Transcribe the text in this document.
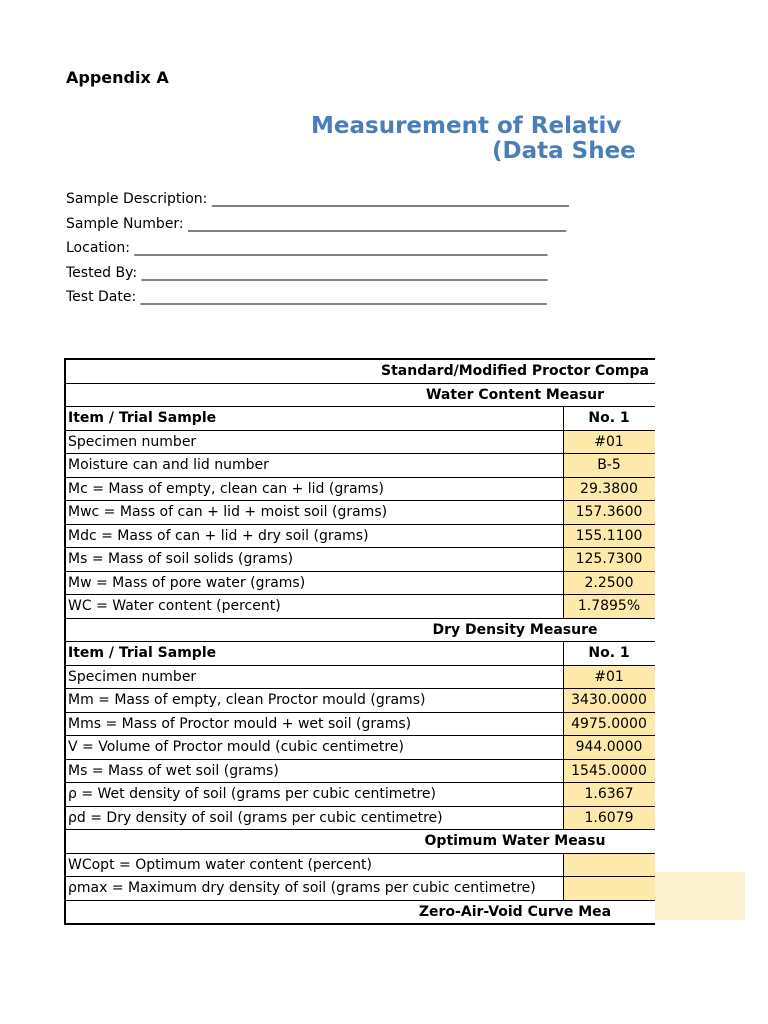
Appendix A
Measurement of Relativ
(Data Shee
Sample Description: ___________________________________________________
Sample Number: ______________________________________________________
Location: ___________________________________________________________
Tested By: __________________________________________________________
Test Date: __________________________________________________________
Standard/Modified Proctor Compa		
Water Content Measur		
Item / Trial Sample	No. 1	
Specimen number	#01	
Moisture can and lid number	B-5	
Mc = Mass of empty, clean can + lid (grams)	29.3800	
Mwc = Mass of can + lid + moist soil (grams)	157.3600	
Mdc = Mass of can + lid + dry soil (grams)	155.1100	
Ms = Mass of soil solids (grams)	125.7300	
Mw = Mass of pore water (grams)	2.2500	
WC = Water content (percent)	1.7895%	
Dry Density Measure		
Item / Trial Sample	No. 1	
Specimen number	#01	
Mm = Mass of empty, clean Proctor mould (grams)	3430.0000	
Mms = Mass of Proctor mould + wet soil (grams)	4975.0000	
V = Volume of Proctor mould (cubic centimetre)	944.0000	
Ms = Mass of wet soil (grams)	1545.0000	
ρ = Wet density of soil (grams per cubic centimetre)	1.6367	
ρd = Dry density of soil (grams per cubic centimetre)	1.6079	
Optimum Water Measu		
WCopt = Optimum water content (percent)		
ρmax = Maximum dry density of soil (grams per cubic centimetre)		
Zero-Air-Void Curve Mea		
